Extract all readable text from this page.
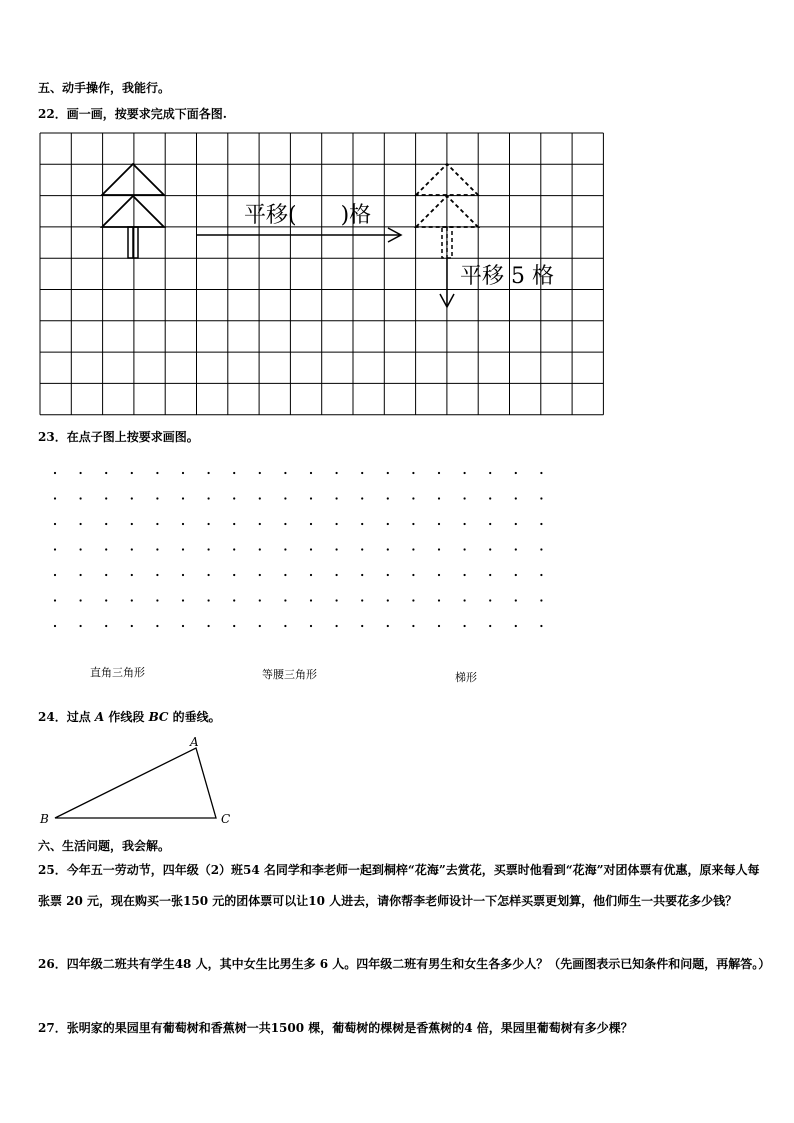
五、动手操作，我能行。
22．画一画，按要求完成下面各图.
平移(　　)格
平移 5 格
23．在点子图上按要求画图。
直角三角形	等腰三角形	梯形
24．过点 A 作线段 BC 的垂线。
A
B	C
六、生活问题，我会解。
25．今年五一劳动节，四年级（2）班54 名同学和李老师一起到桐梓“花海”去赏花，买票时他看到“花海”对团体票有优惠，原来每人每张票 20 元，现在购买一张150 元的团体票可以让10 人进去，请你帮李老师设计一下怎样买票更划算，他们师生一共要花多少钱？
26．四年级二班共有学生48 人，其中女生比男生多 6 人。四年级二班有男生和女生各多少人？（先画图表示已知条件和问题，再解答。）
27．张明家的果园里有葡萄树和香蕉树一共1500 棵，葡萄树的棵树是香蕉树的4 倍，果园里葡萄树有多少棵？
